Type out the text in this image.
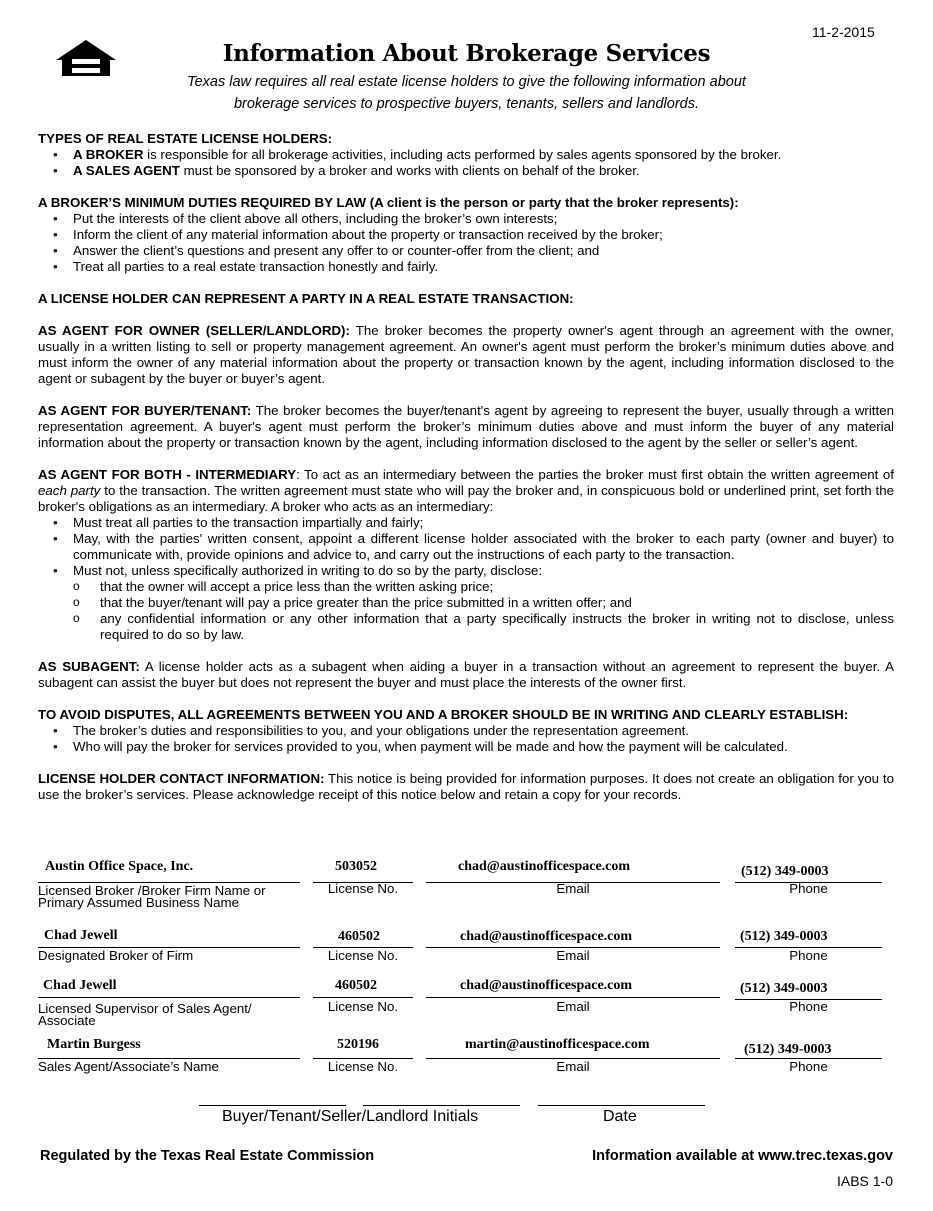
11-2-2015
Information About Brokerage Services
Texas law requires all real estate license holders to give the following information about
brokerage services to prospective buyers, tenants, sellers and landlords.
TYPES OF REAL ESTATE LICENSE HOLDERS:
• A BROKER is responsible for all brokerage activities, including acts performed by sales agents sponsored by the broker.
• A SALES AGENT must be sponsored by a broker and works with clients on behalf of the broker.
A BROKER’S MINIMUM DUTIES REQUIRED BY LAW (A client is the person or party that the broker represents):
• Put the interests of the client above all others, including the broker’s own interests;
• Inform the client of any material information about the property or transaction received by the broker;
• Answer the client’s questions and present any offer to or counter-offer from the client; and
• Treat all parties to a real estate transaction honestly and fairly.
A LICENSE HOLDER CAN REPRESENT A PARTY IN A REAL ESTATE TRANSACTION:

AS AGENT FOR OWNER (SELLER/LANDLORD): The broker becomes the property owner's agent through an agreement with the owner, usually in a written listing to sell or property management agreement. An owner's agent must perform the broker’s minimum duties above and must inform the owner of any material information about the property or transaction known by the agent, including information disclosed to the agent or subagent by the buyer or buyer’s agent.

AS AGENT FOR BUYER/TENANT: The broker becomes the buyer/tenant's agent by agreeing to represent the buyer, usually through a written representation agreement. A buyer's agent must perform the broker’s minimum duties above and must inform the buyer of any material information about the property or transaction known by the agent, including information disclosed to the agent by the seller or seller’s agent.

AS AGENT FOR BOTH - INTERMEDIARY: To act as an intermediary between the parties the broker must first obtain the written agreement of each party to the transaction. The written agreement must state who will pay the broker and, in conspicuous bold or underlined print, set forth the broker's obligations as an intermediary. A broker who acts as an intermediary:

• Must treat all parties to the transaction impartially and fairly;
• May, with the parties' written consent, appoint a different license holder associated with the broker to each party (owner and buyer) to communicate with, provide opinions and advice to, and carry out the instructions of each party to the transaction.
• Must not, unless specifically authorized in writing to do so by the party, disclose:
o that the owner will accept a price less than the written asking price;
o that the buyer/tenant will pay a price greater than the price submitted in a written offer; and
o any confidential information or any other information that a party specifically instructs the broker in writing not to disclose, unless required to do so by law.

AS SUBAGENT: A license holder acts as a subagent when aiding a buyer in a transaction without an agreement to represent the buyer. A subagent can assist the buyer but does not represent the buyer and must place the interests of the owner first.

TO AVOID DISPUTES, ALL AGREEMENTS BETWEEN YOU AND A BROKER SHOULD BE IN WRITING AND CLEARLY ESTABLISH:
• The broker’s duties and responsibilities to you, and your obligations under the representation agreement.
• Who will pay the broker for services provided to you, when payment will be made and how the payment will be calculated.

LICENSE HOLDER CONTACT INFORMATION: This notice is being provided for information purposes. It does not create an obligation for you to use the broker’s services. Please acknowledge receipt of this notice below and retain a copy for your records.

Austin Office Space, Inc.	503052	chad@austinofficespace.com	(512) 349-0003
Licensed Broker /Broker Firm Name or Primary Assumed Business Name
License No.	Email	Phone
Chad Jewell	460502	chad@austinofficespace.com	(512) 349-0003
Designated Broker of Firm	License No.	Email	Phone
Chad Jewell	460502	chad@austinofficespace.com	(512) 349-0003
Licensed Supervisor of Sales Agent/ Associate
License No.	Email	Phone
Martin Burgess	520196	martin@austinofficespace.com	(512) 349-0003
Sales Agent/Associate’s Name	License No.	Email	Phone
Buyer/Tenant/Seller/Landlord Initials	Date
Regulated by the Texas Real Estate Commission	Information available at www.trec.texas.gov
IABS 1-0
